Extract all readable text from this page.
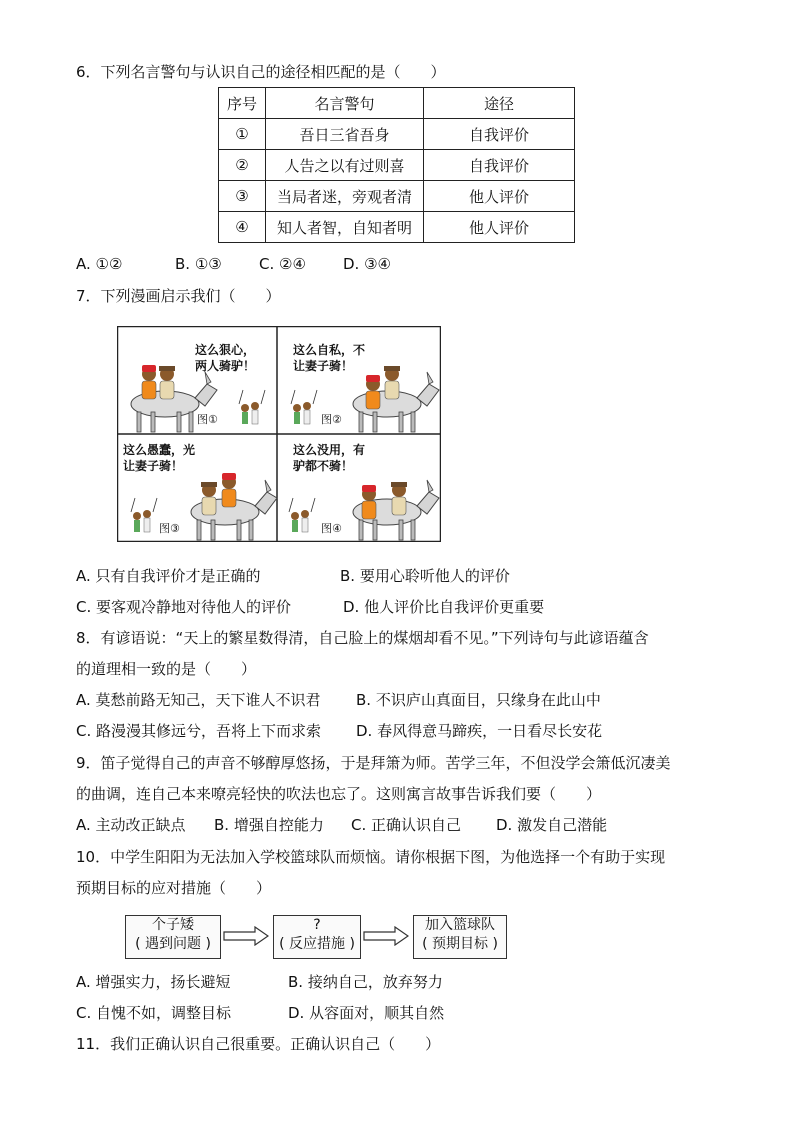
6．下列名言警句与认识自己的途径相匹配的是（　　）
序号	名言警句	途径
①	吾日三省吾身	自我评价
②	人告之以有过则喜	自我评价
③	当局者迷，旁观者清	他人评价
④	知人者智，自知者明	他人评价
A. ①②	B. ①③ C. ②④ D. ③④
7．下列漫画启示我们（　　）
这么狠心，
两人骑驴！
这么自私，不
让妻子骑！
这么愚蠢，光
让妻子骑！
这么没用，有
驴都不骑！
图①	图②
图③	图④
A. 只有自我评价才是正确的	B. 要用心聆听他人的评价
C. 要客观冷静地对待他人的评价	D. 他人评价比自我评价更重要
8．有谚语说：“天上的繁星数得清，自己脸上的煤烟却看不见。”下列诗句与此谚语蕴含
的道理相一致的是（　　）
A. 莫愁前路无知己，天下谁人不识君 B. 不识庐山真面目，只缘身在此山中
C. 路漫漫其修远兮，吾将上下而求索 D. 春风得意马蹄疾，一日看尽长安花
9．笛子觉得自己的声音不够醇厚悠扬，于是拜箫为师。苦学三年，不但没学会箫低沉凄美
的曲调，连自己本来嘹亮轻快的吹法也忘了。这则寓言故事告诉我们要（　　）
A. 主动改正缺点 B. 增强自控能力 C. 正确认识自己 D. 激发自己潜能
10．中学生阳阳为无法加入学校篮球队而烦恼。请你根据下图，为他选择一个有助于实现
预期目标的应对措施（　　）
个子矮
( 遇到问题 )
?
( 反应措施 )
加入篮球队
( 预期目标 )
A. 增强实力，扬长避短	B. 接纳自己，放弃努力
C. 自愧不如，调整目标	D. 从容面对，顺其自然
11．我们正确认识自己很重要。正确认识自己（　　）
